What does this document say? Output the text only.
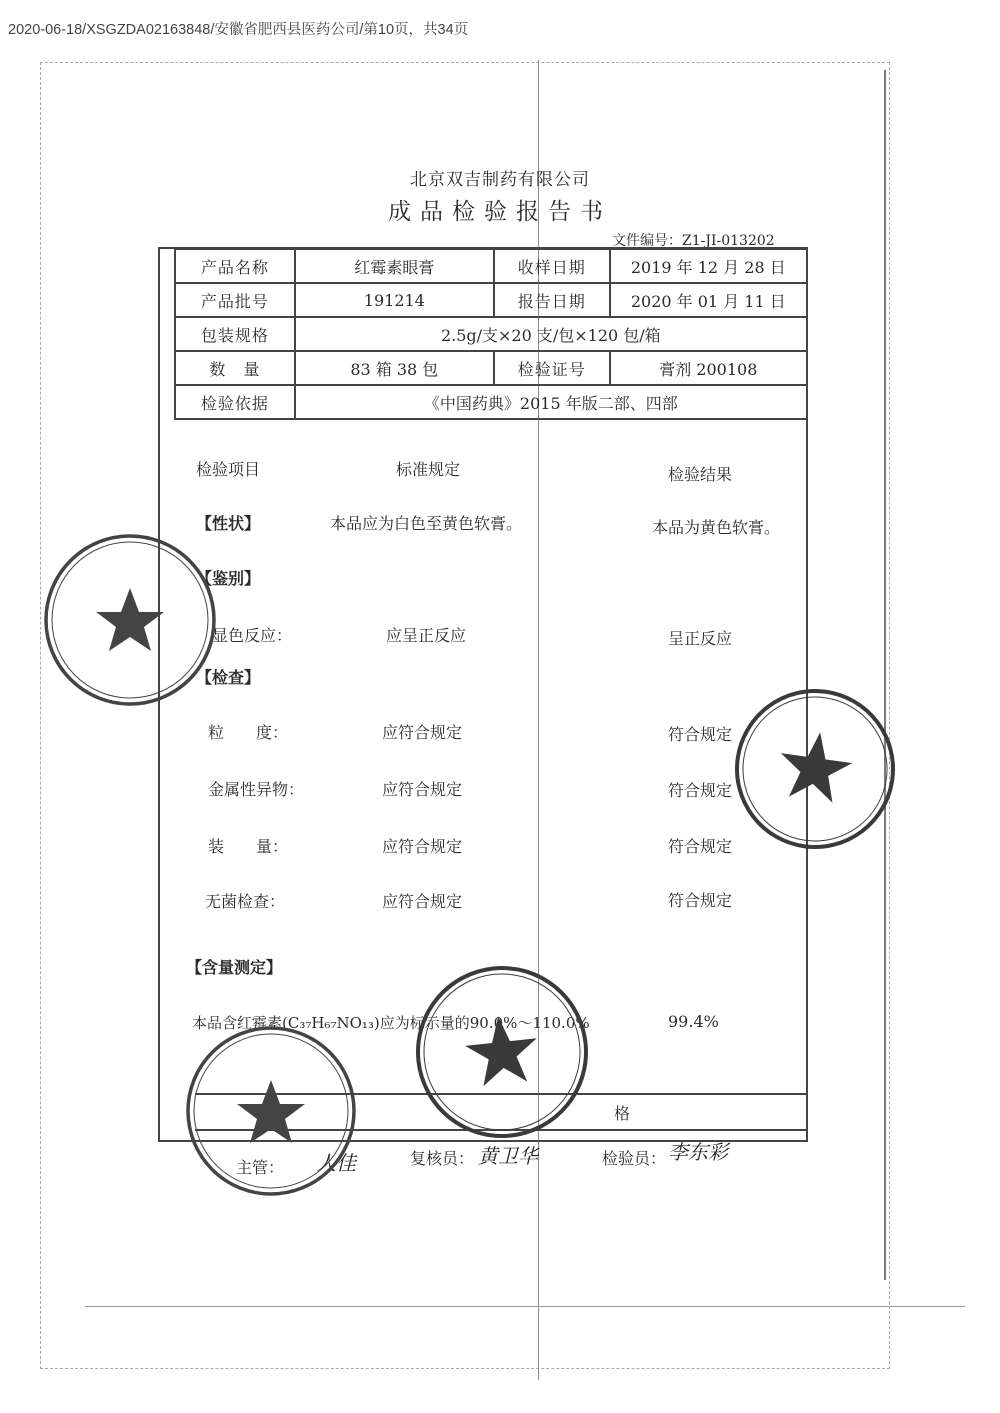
2020-06-18/XSGZDA02163848/安徽省肥西县医药公司/第10页，共34页
北京双吉制药有限公司
成品检验报告书
文件编号：Z1-JI-013202
产品名称	红霉素眼膏	收样日期	2019 年 12 月 28 日
产品批号	191214	报告日期	2020 年 01 月 11 日
包装规格	2.5g/支×20 支/包×120 包/箱		
数　量	83 箱 38 包	检验证号	膏剂 200108
检验依据	《中国药典》2015 年版二部、四部		
检验项目	标准规定	检验结果
【性状】	本品应为白色至黄色软膏。	本品为黄色软膏。
【鉴别】
显色反应：	应呈正反应	呈正反应
【检查】
粒　　度：	应符合规定	符合规定
金属性异物：	应符合规定	符合规定
装　　量：	应符合规定	符合规定
无菌检查：	应符合规定	符合规定
【含量测定】
本品含红霉素(C₃₇H₆₇NO₁₃)应为标示量的90.0%～110.0%	99.4%
格
主管： 人佳	复核员： 黄卫华	检验员： 李东彩
